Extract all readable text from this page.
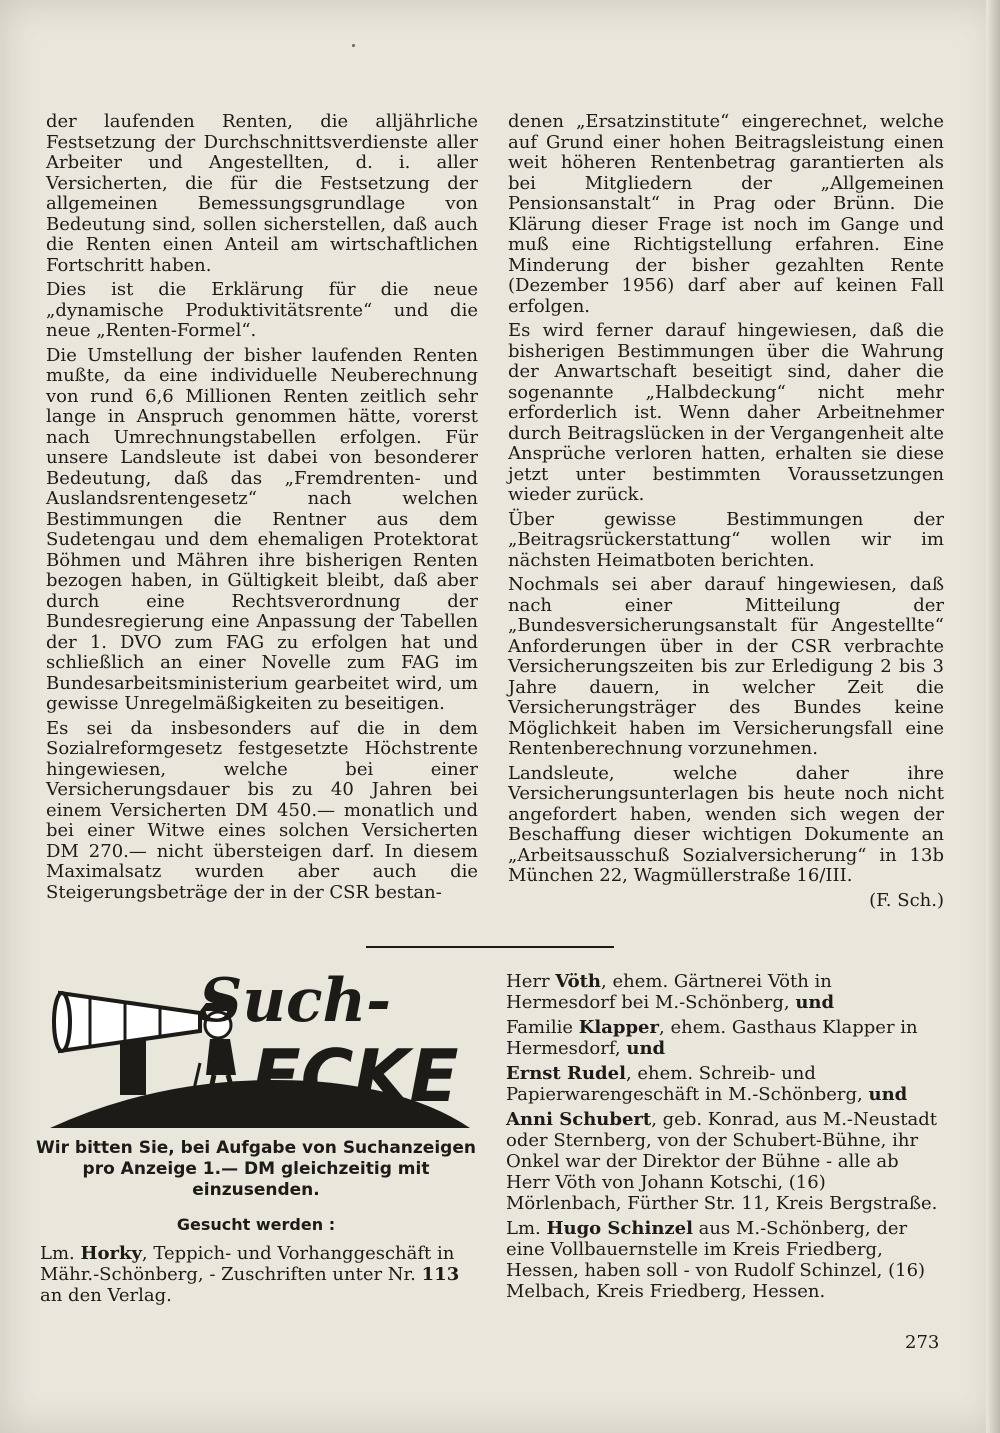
der laufenden Renten, die alljährliche Festsetzung der Durchschnittsverdienste aller Arbeiter und Angestellten, d. i. aller Versicherten, die für die Festsetzung der allgemeinen Bemessungsgrundlage von Bedeutung sind, sollen sicherstellen, daß auch die Renten einen Anteil am wirtschaftlichen Fortschritt haben.

Dies ist die Erklärung für die neue „dynamische Produktivitätsrente“ und die neue „Renten-Formel“.

Die Umstellung der bisher laufenden Renten mußte, da eine individuelle Neuberechnung von rund 6,6 Millionen Renten zeitlich sehr lange in Anspruch genommen hätte, vorerst nach Umrechnungstabellen erfolgen. Für unsere Landsleute ist dabei von besonderer Bedeutung, daß das „Fremdrenten- und Auslandsrentengesetz“ nach welchen Bestimmungen die Rentner aus dem Sudetengau und dem ehemaligen Protektorat Böhmen und Mähren ihre bisherigen Renten bezogen haben, in Gültigkeit bleibt, daß aber durch eine Rechtsverordnung der Bundesregierung eine Anpassung der Tabellen der 1. DVO zum FAG zu erfolgen hat und schließlich an einer Novelle zum FAG im Bundesarbeitsministerium gearbeitet wird, um gewisse Unregelmäßigkeiten zu beseitigen.

Es sei da insbesonders auf die in dem Sozialreformgesetz festgesetzte Höchstrente hingewiesen, welche bei einer Versicherungsdauer bis zu 40 Jahren bei einem Versicherten DM 450.— monatlich und bei einer Witwe eines solchen Versicherten DM 270.— nicht übersteigen darf. In diesem Maximalsatz wurden aber auch die Steigerungsbeträge der in der CSR bestan-

denen „Ersatzinstitute“ eingerechnet, welche auf Grund einer hohen Beitragsleistung einen weit höheren Rentenbetrag garantierten als bei Mitgliedern der „Allgemeinen Pensionsanstalt“ in Prag oder Brünn. Die Klärung dieser Frage ist noch im Gange und muß eine Richtigstellung erfahren. Eine Minderung der bisher gezahlten Rente (Dezember 1956) darf aber auf keinen Fall erfolgen.

Es wird ferner darauf hingewiesen, daß die bisherigen Bestimmungen über die Wahrung der Anwartschaft beseitigt sind, daher die sogenannte „Halbdeckung“ nicht mehr erforderlich ist. Wenn daher Arbeitnehmer durch Beitragslücken in der Vergangenheit alte Ansprüche verloren hatten, erhalten sie diese jetzt unter bestimmten Voraussetzungen wieder zurück.

Über gewisse Bestimmungen der „Beitragsrückerstattung“ wollen wir im nächsten Heimatboten berichten.

Nochmals sei aber darauf hingewiesen, daß nach einer Mitteilung der „Bundesversicherungsanstalt für Angestellte“ Anforderungen über in der CSR verbrachte Versicherungszeiten bis zur Erledigung 2 bis 3 Jahre dauern, in welcher Zeit die Versicherungsträger des Bundes keine Möglichkeit haben im Versicherungsfall eine Rentenberechnung vorzunehmen.

Landsleute, welche daher ihre Versicherungsunterlagen bis heute noch nicht angefordert haben, wenden sich wegen der Beschaffung dieser wichtigen Dokumente an „Arbeitsausschuß Sozialversicherung“ in 13b München 22, Wagmüllerstraße 16/III.

(F. Sch.)

Such-
ECKE
Wir bitten Sie, bei Aufgabe von Suchanzeigen pro Anzeige 1.— DM gleichzeitig mit einzusenden.
Gesucht werden :
Lm. Horky, Teppich- und Vorhanggeschäft in Mähr.-Schönberg, - Zuschriften unter Nr. 113 an den Verlag.
Herr Vöth, ehem. Gärtnerei Vöth in Hermesdorf bei M.-Schönberg, und
Familie Klapper, ehem. Gasthaus Klapper in Hermesdorf, und
Ernst Rudel, ehem. Schreib- und Papierwarengeschäft in M.-Schönberg, und
Anni Schubert, geb. Konrad, aus M.-Neustadt oder Sternberg, von der Schubert-Bühne, ihr Onkel war der Direktor der Bühne - alle ab Herr Vöth von Johann Kotschi, (16) Mörlenbach, Fürther Str. 11, Kreis Bergstraße.
Lm. Hugo Schinzel aus M.-Schönberg, der eine Vollbauernstelle im Kreis Friedberg, Hessen, haben soll - von Rudolf Schinzel, (16) Melbach, Kreis Friedberg, Hessen.
273
